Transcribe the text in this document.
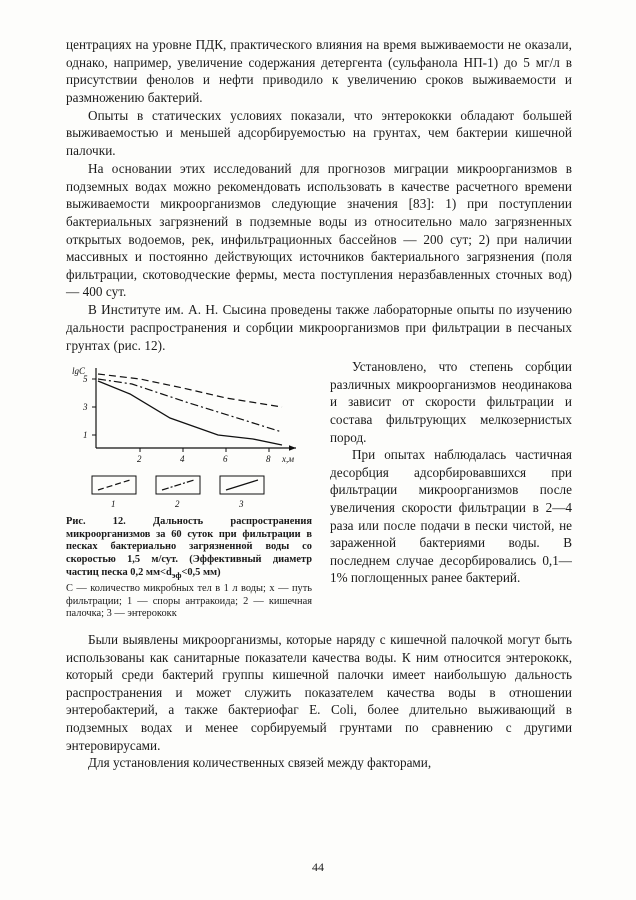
центрациях на уровне ПДК, практического влияния на время выживаемости не оказали, однако, например, увеличение содержания детергента (сульфанола НП-1) до 5 мг/л в присутствии фенолов и нефти приводило к увеличению сроков выживаемости и размножению бактерий.

Опыты в статических условиях показали, что энтерококки обладают большей выживаемостью и меньшей адсорбируемостью на грунтах, чем бактерии кишечной палочки.

На основании этих исследований для прогнозов миграции микроорганизмов в подземных водах можно рекомендовать использовать в качестве расчетного времени выживаемости микроорганизмов следующие значения [83]: 1) при поступлении бактериальных загрязнений в подземные воды из относительно мало загрязненных открытых водоемов, рек, инфильтрационных бассейнов — 200 сут; 2) при наличии массивных и постоянно действующих источников бактериального загрязнения (поля фильтрации, скотоводческие фермы, места поступления неразбавленных сточных вод) — 400 сут.

В Институте им. А. Н. Сысина проведены также лабораторные опыты по изучению дальности распространения и сорбции микроорганизмов при фильтрации в песчаных грунтах (рис. 12).

lgC
5
3
1
2	4	6	8 x,м
1	2	3
Рис. 12. Дальность распространения микроорганизмов за 60 суток при фильтрации в песках бактериально загрязненной воды со скоростью 1,5 м/сут. (Эффективный диаметр частиц песка 0,2 $мм<d_{эф}<0,5$ мм)
C — количество микробных тел в 1 л воды; x — путь фильтрации; 1 — споры антракоида; 2 — кишечная палочка; 3 — энтерококк

Установлено, что степень сорбции различных микроорганизмов неодинакова и зависит от скорости фильтрации и состава фильтрующих мелкозернистых пород.

При опытах наблюдалась частичная десорбция адсорбировавшихся при фильтрации микроорганизмов после увеличения скорости фильтрации в 2—4 раза или после подачи в пески чистой, не зараженной бактериями воды. В последнем случае десорбировались 0,1—1% поглощенных ранее бактерий.

Были выявлены микроорганизмы, которые наряду с кишечной палочкой могут быть использованы как санитарные показатели качества воды. К ним относится энтерококк, который среди бактерий группы кишечной палочки имеет наибольшую дальность распространения и может служить показателем качества воды в отношении энтеробактерий, а также бактериофаг E. Coli, более длительно выживающий в подземных водах и менее сорбируемый грунтами по сравнению с другими энтеровирусами.

Для установления количественных связей между факторами,

44
